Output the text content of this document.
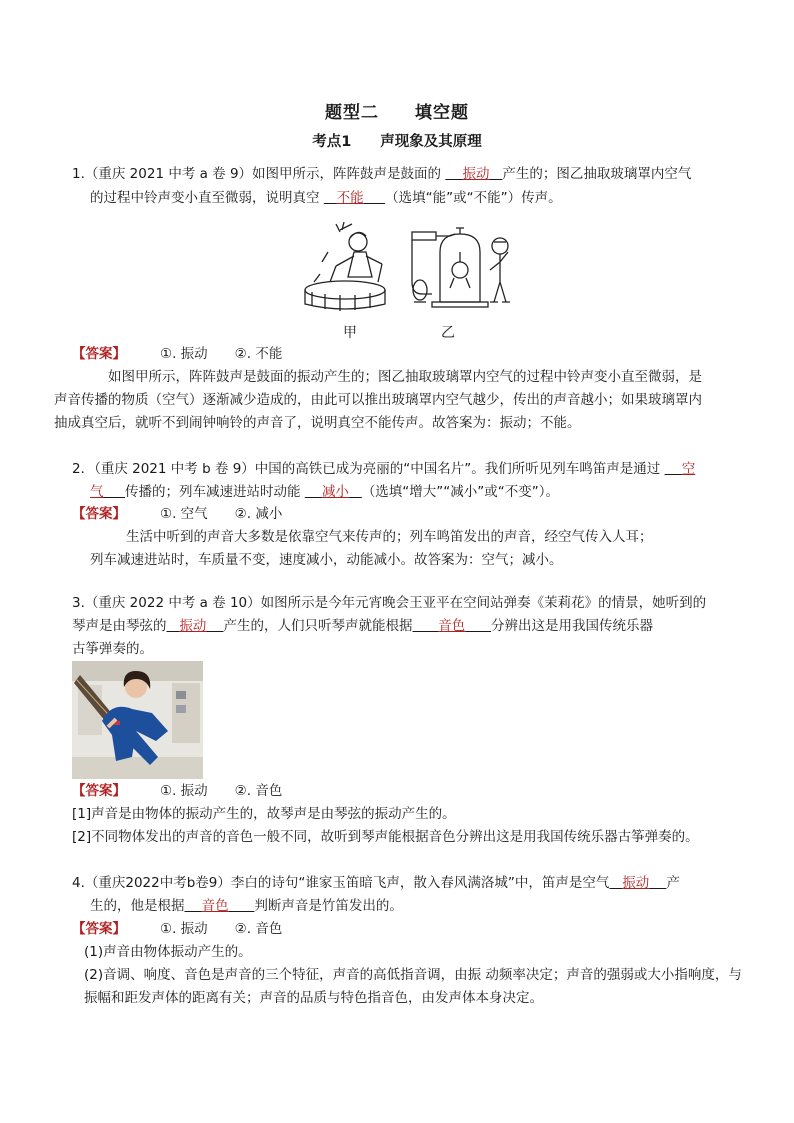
题型二　　填空题
考点1　　声现象及其原理
1.（重庆 2021 中考 a 卷 9）如图甲所示，阵阵鼓声是鼓面的     振动 产生的；图乙抽取玻璃罩内空气
的过程中铃声变小直至微弱，说明真空    不能 （选填“能”或“不能”）传声。
甲	乙
【答案】	①. 振动　　②. 不能
如图甲所示，阵阵鼓声是鼓面的振动产生的；图乙抽取玻璃罩内空气的过程中铃声变小直至微弱，是
声音传播的物质（空气）逐渐减少造成的，由此可以推出玻璃罩内空气越少，传出的声音越小；如果玻璃罩内
抽成真空后，就听不到闹钟响铃的声音了，说明真空不能传声。故答案为：振动；不能。
2．（重庆 2021 中考 b 卷 9）中国的高铁已成为亮丽的“中国名片”。我们所听见列车鸣笛声是通过     空
气 传播的；列车减速进站时动能     减小 （选填“增大”“减小”或“不变”）。
【答案】	①. 空气　　②. 减小
生活中听到的声音大多数是依靠空气来传声的；列车鸣笛发出的声音，经空气传入人耳；
列车减速进站时，车质量不变，速度减小，动能减小。故答案为：空气；减小。
3.（重庆 2022 中考 a 卷 10）如图所示是今年元宵晚会王亚平在空间站弹奏《茉莉花》的情景，她听到的
琴声是由琴弦的 振动 产生的，人们只听琴声就能根据 音色 分辨出这是用我国传统乐器
古筝弹奏的。
【答案】	①. 振动　　②. 音色
[1]声音是由物体的振动产生的，故琴声是由琴弦的振动产生的。
[2]不同物体发出的声音的音色一般不同，故听到琴声能根据音色分辨出这是用我国传统乐器古筝弹奏的。
4.（重庆2022中考b卷9）李白的诗句“谁家玉笛暗飞声，散入春风满洛城”中，笛声是空气 振动 产
生的，他是根据 音色 判断声音是竹笛发出的。
【答案】	①. 振动　　②. 音色
(1)声音由物体振动产生的。
(2)音调、响度、音色是声音的三个特征，声音的高低指音调，由振 动频率决定；声音的强弱或大小指响度，与
振幅和距发声体的距离有关；声音的品质与特色指音色，由发声体本身决定。
